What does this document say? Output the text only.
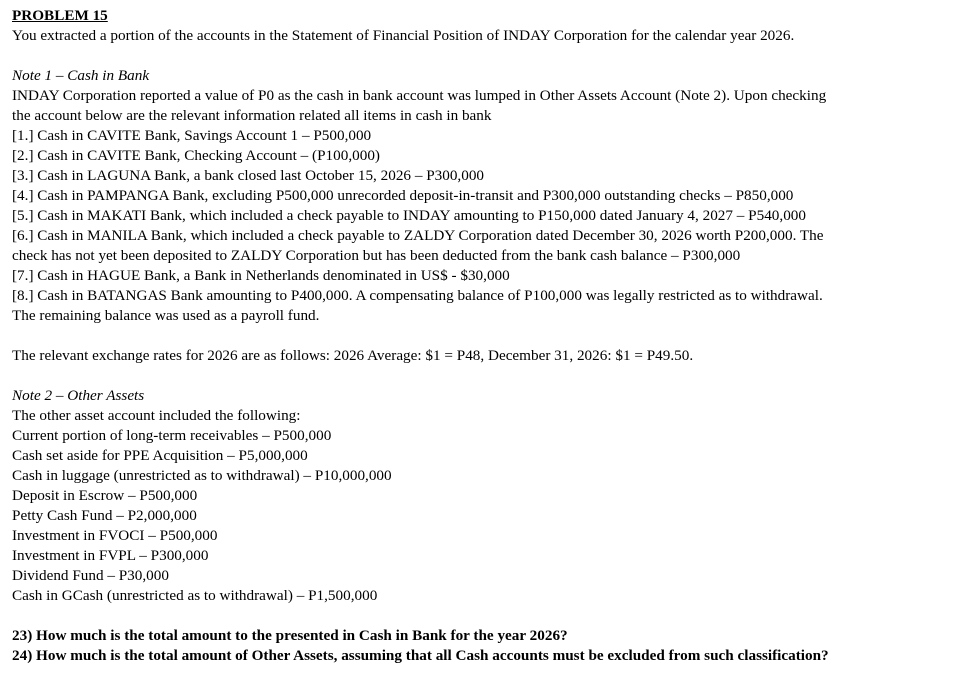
PROBLEM 15

You extracted a portion of the accounts in the Statement of Financial Position of INDAY Corporation for the calendar year 2026.

Note 1 – Cash in Bank

INDAY Corporation reported a value of P0 as the cash in bank account was lumped in Other Assets Account (Note 2). Upon checking

the account below are the relevant information related all items in cash in bank

[1.] Cash in CAVITE Bank, Savings Account 1 – P500,000

[2.] Cash in CAVITE Bank, Checking Account – (P100,000)

[3.] Cash in LAGUNA Bank, a bank closed last October 15, 2026 – P300,000

[4.] Cash in PAMPANGA Bank, excluding P500,000 unrecorded deposit-in-transit and P300,000 outstanding checks – P850,000

[5.] Cash in MAKATI Bank, which included a check payable to INDAY amounting to P150,000 dated January 4, 2027 – P540,000

[6.] Cash in MANILA Bank, which included a check payable to ZALDY Corporation dated December 30, 2026 worth P200,000. The

check has not yet been deposited to ZALDY Corporation but has been deducted from the bank cash balance – P300,000

[7.] Cash in HAGUE Bank, a Bank in Netherlands denominated in US$ - $30,000

[8.] Cash in BATANGAS Bank amounting to P400,000. A compensating balance of P100,000 was legally restricted as to withdrawal.

The remaining balance was used as a payroll fund.

The relevant exchange rates for 2026 are as follows: 2026 Average: $1 = P48, December 31, 2026: $1 = P49.50.

Note 2 – Other Assets

The other asset account included the following:

Current portion of long-term receivables – P500,000

Cash set aside for PPE Acquisition – P5,000,000

Cash in luggage (unrestricted as to withdrawal) – P10,000,000

Deposit in Escrow – P500,000

Petty Cash Fund – P2,000,000

Investment in FVOCI – P500,000

Investment in FVPL – P300,000

Dividend Fund – P30,000

Cash in GCash (unrestricted as to withdrawal) – P1,500,000

23) How much is the total amount to the presented in Cash in Bank for the year 2026?

24) How much is the total amount of Other Assets, assuming that all Cash accounts must be excluded from such classification?
